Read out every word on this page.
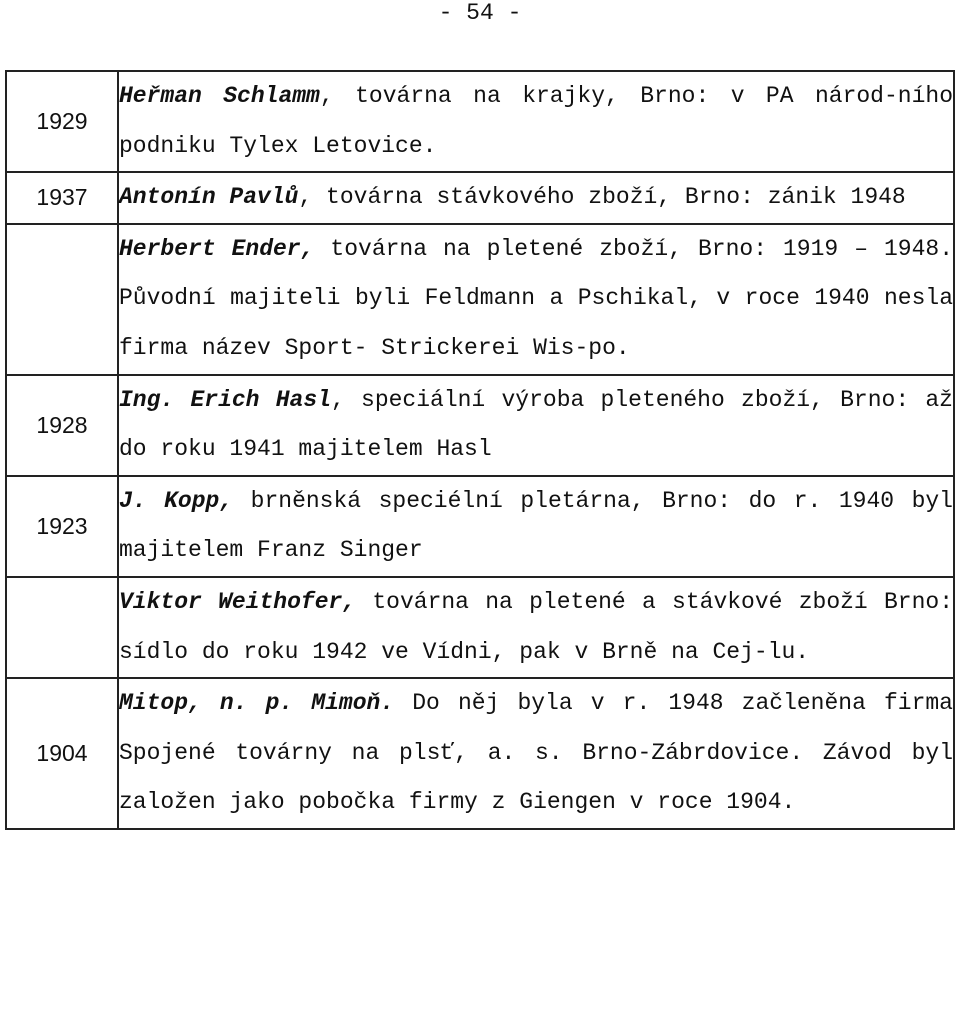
- 54 -
1929	Heřman Schlamm, továrna na krajky, Brno: v PA národ-ního podniku Tylex Letovice.
1937	Antonín Pavlů, továrna stávkového zboží, Brno: zánik 1948
	Herbert Ender, továrna na pletené zboží, Brno: 1919 – 1948. Původní majiteli byli Feldmann a Pschikal, v roce 1940 nesla firma název Sport- Strickerei Wis-po.
1928	Ing. Erich Hasl, speciální výroba pleteného zboží, Brno: až do roku 1941 majitelem Hasl
1923	J. Kopp, brněnská speciélní pletárna, Brno: do r. 1940 byl majitelem Franz Singer
	Viktor Weithofer, továrna na pletené a stávkové zboží Brno: sídlo do roku 1942 ve Vídni, pak v Brně na Cej-lu.
1904	Mitop, n. p. Mimoň. Do něj byla v r. 1948 začleněna firma Spojené továrny na plsť, a. s. Brno-Zábrdovice. Závod byl založen jako pobočka firmy z Giengen v roce 1904.
